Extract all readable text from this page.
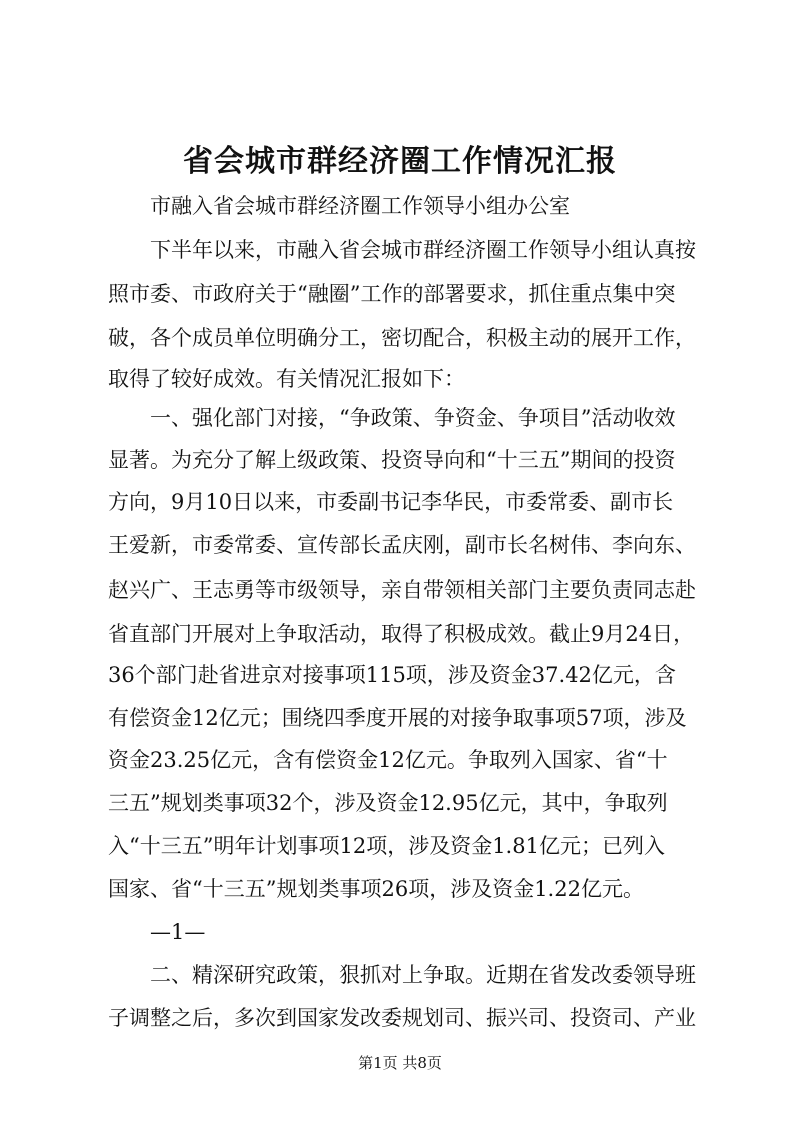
省会城市群经济圈工作情况汇报
市融入省会城市群经济圈工作领导小组办公室
下半年以来，市融入省会城市群经济圈工作领导小组认真按
照市委、市政府关于“融圈”工作的部署要求，抓住重点集中突
破，各个成员单位明确分工，密切配合，积极主动的展开工作，
取得了较好成效。有关情况汇报如下：
一、强化部门对接，“争政策、争资金、争项目”活动收效
显著。为充分了解上级政策、投资导向和“十三五”期间的投资
方向，9月10日以来，市委副书记李华民，市委常委、副市长
王爱新，市委常委、宣传部长孟庆刚，副市长名树伟、李向东、
赵兴广、王志勇等市级领导，亲自带领相关部门主要负责同志赴
省直部门开展对上争取活动，取得了积极成效。截止9月24日，
36个部门赴省进京对接事项115项，涉及资金37.42亿元，含
有偿资金12亿元；围绕四季度开展的对接争取事项57项，涉及
资金23.25亿元，含有偿资金12亿元。争取列入国家、省“十
三五”规划类事项32个，涉及资金12.95亿元，其中，争取列
入“十三五”明年计划事项12项，涉及资金1.81亿元；已列入
国家、省“十三五”规划类事项26项，涉及资金1.22亿元。
—1—
二、精深研究政策，狠抓对上争取。近期在省发改委领导班
子调整之后，多次到国家发改委规划司、振兴司、投资司、产业
第1页 共8页
